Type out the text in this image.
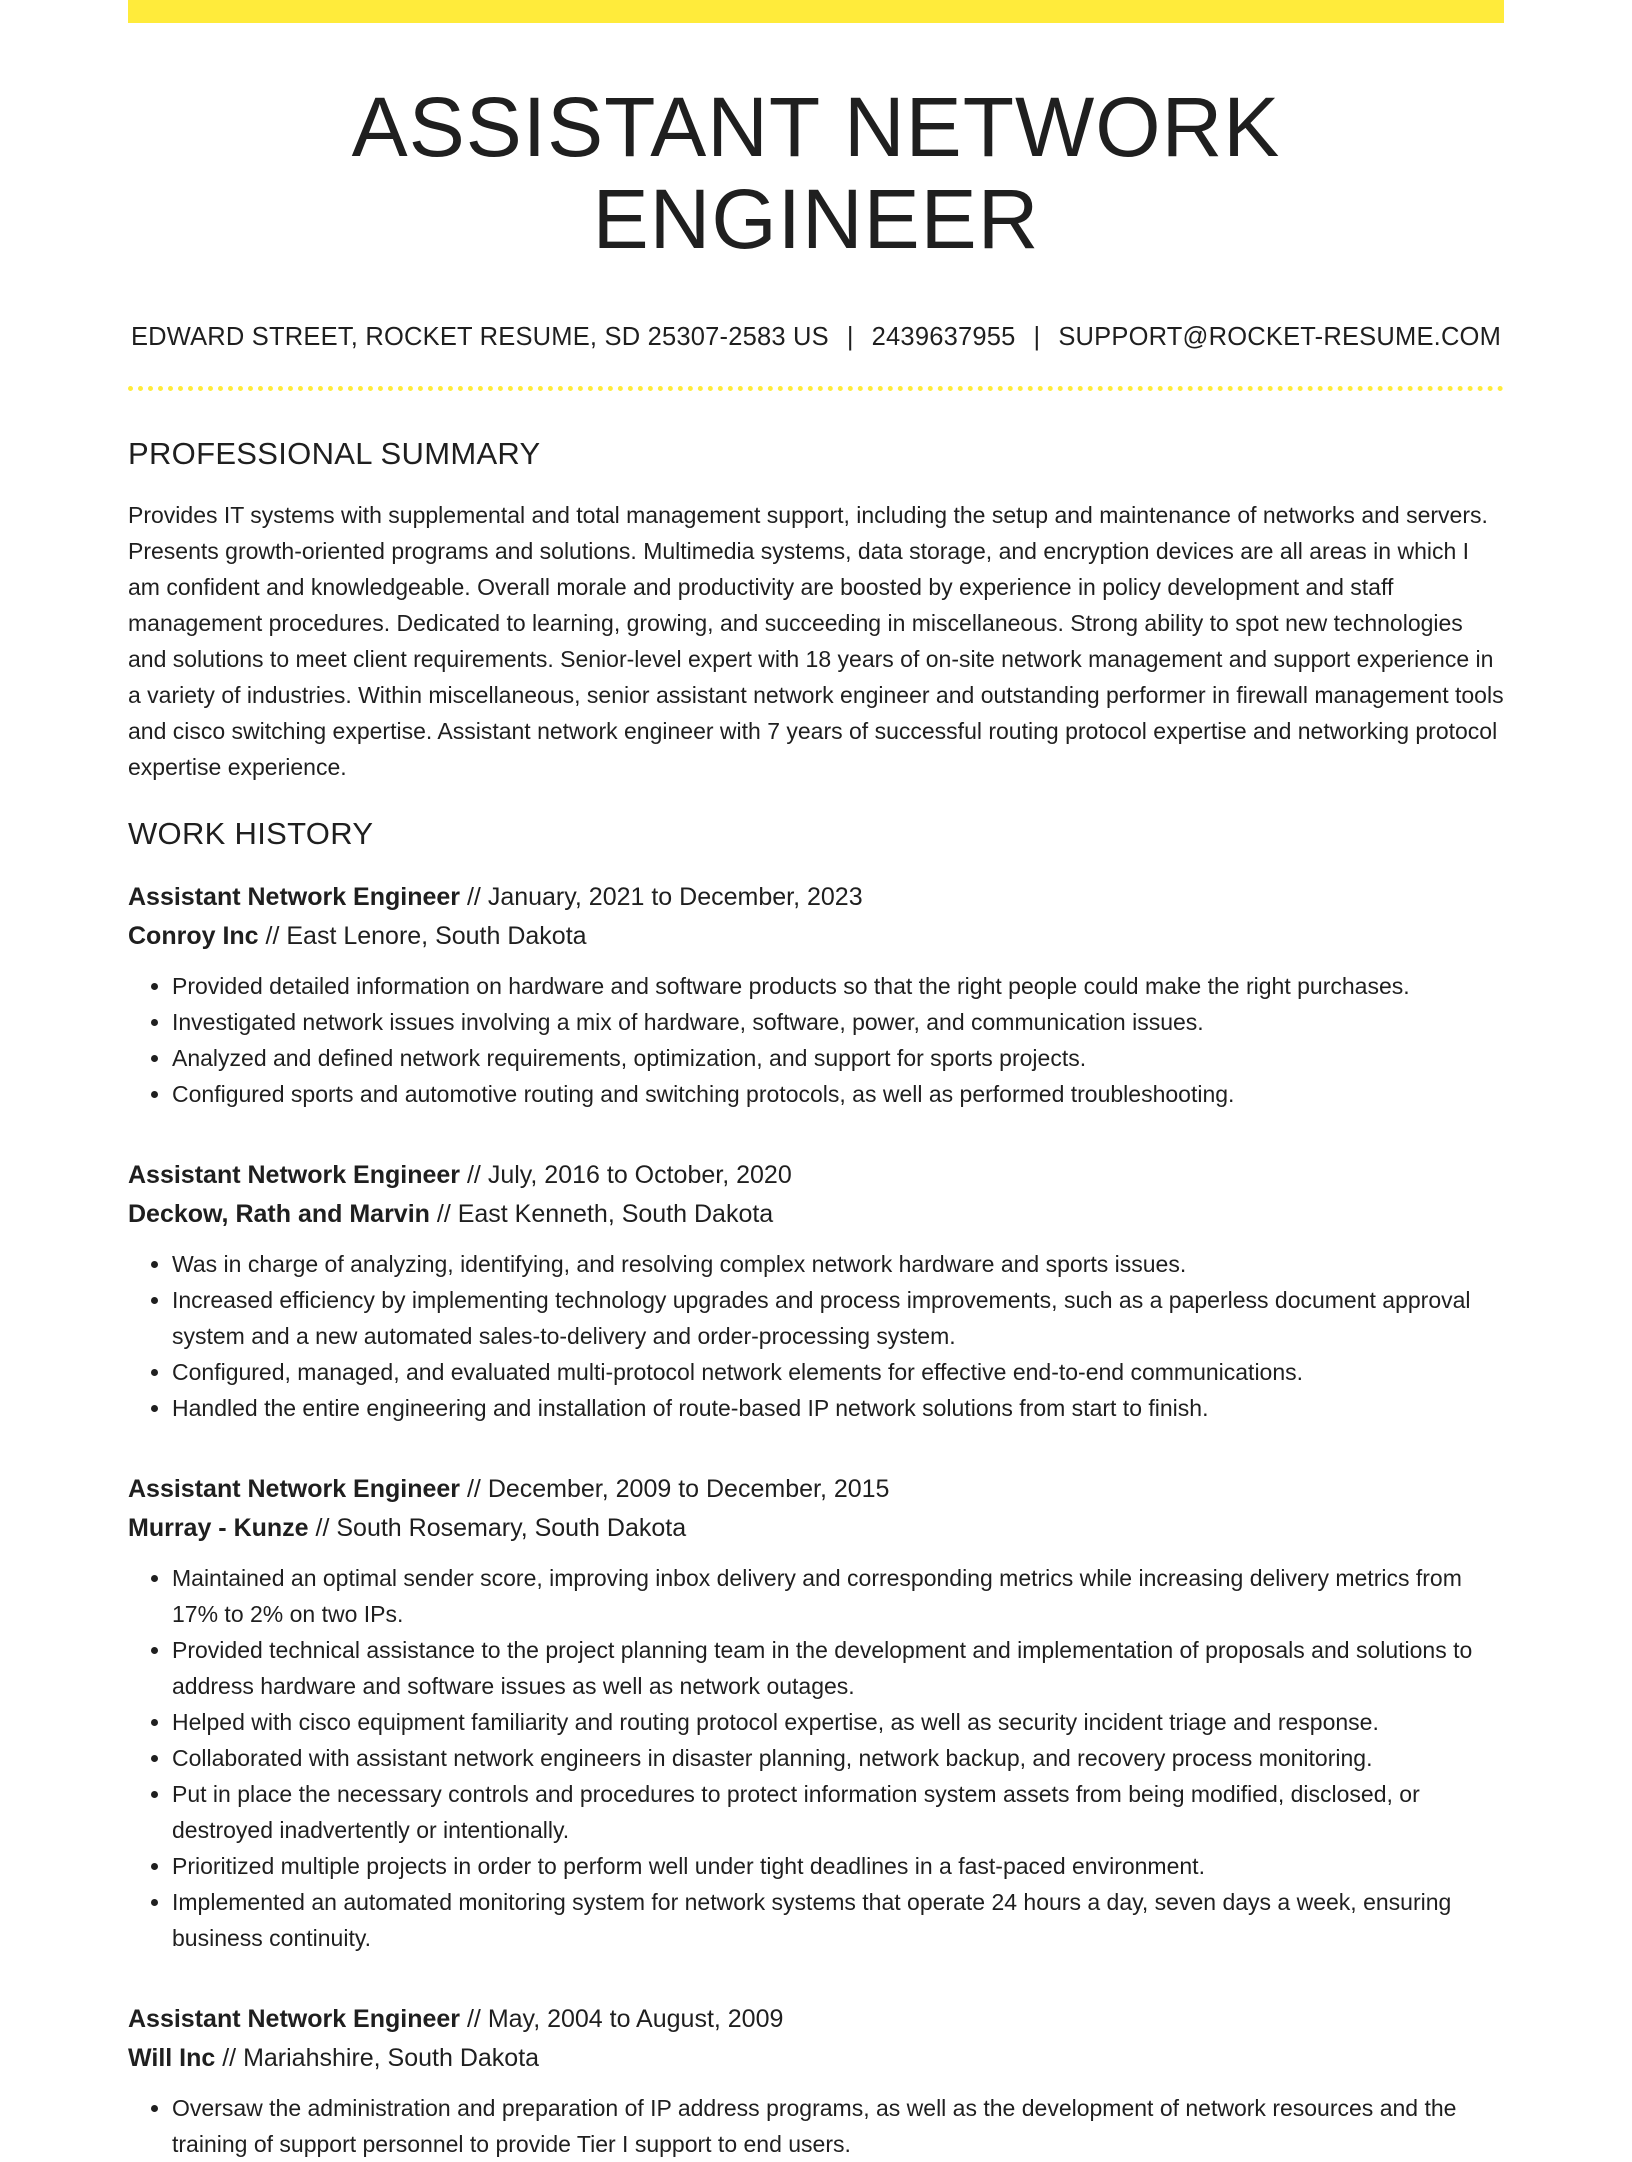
ASSISTANT NETWORK ENGINEER
EDWARD STREET, ROCKET RESUME, SD 25307-2583 US | 2439637955 | SUPPORT@ROCKET-RESUME.COM
PROFESSIONAL SUMMARY

Provides IT systems with supplemental and total management support, including the setup and maintenance of networks and servers. Presents growth-oriented programs and solutions. Multimedia systems, data storage, and encryption devices are all areas in which I am confident and knowledgeable. Overall morale and productivity are boosted by experience in policy development and staff management procedures. Dedicated to learning, growing, and succeeding in miscellaneous. Strong ability to spot new technologies and solutions to meet client requirements. Senior-level expert with 18 years of on-site network management and support experience in a variety of industries. Within miscellaneous, senior assistant network engineer and outstanding performer in firewall management tools and cisco switching expertise. Assistant network engineer with 7 years of successful routing protocol expertise and networking protocol expertise experience.

WORK HISTORY
Assistant Network Engineer // January, 2021 to December, 2023
Conroy Inc // East Lenore, South Dakota
• Provided detailed information on hardware and software products so that the right people could make the right purchases.
• Investigated network issues involving a mix of hardware, software, power, and communication issues.
• Analyzed and defined network requirements, optimization, and support for sports projects.
• Configured sports and automotive routing and switching protocols, as well as performed troubleshooting.
Assistant Network Engineer // July, 2016 to October, 2020
Deckow, Rath and Marvin // East Kenneth, South Dakota
• Was in charge of analyzing, identifying, and resolving complex network hardware and sports issues.
• Increased efficiency by implementing technology upgrades and process improvements, such as a paperless document approval system and a new automated sales-to-delivery and order-processing system.
• Configured, managed, and evaluated multi-protocol network elements for effective end-to-end communications.
• Handled the entire engineering and installation of route-based IP network solutions from start to finish.
Assistant Network Engineer // December, 2009 to December, 2015
Murray - Kunze // South Rosemary, South Dakota
• Maintained an optimal sender score, improving inbox delivery and corresponding metrics while increasing delivery metrics from 17% to 2% on two IPs.
• Provided technical assistance to the project planning team in the development and implementation of proposals and solutions to address hardware and software issues as well as network outages.
• Helped with cisco equipment familiarity and routing protocol expertise, as well as security incident triage and response.
• Collaborated with assistant network engineers in disaster planning, network backup, and recovery process monitoring.
• Put in place the necessary controls and procedures to protect information system assets from being modified, disclosed, or destroyed inadvertently or intentionally.
• Prioritized multiple projects in order to perform well under tight deadlines in a fast-paced environment.
• Implemented an automated monitoring system for network systems that operate 24 hours a day, seven days a week, ensuring business continuity.
Assistant Network Engineer // May, 2004 to August, 2009
Will Inc // Mariahshire, South Dakota
• Oversaw the administration and preparation of IP address programs, as well as the development of network resources and the training of support personnel to provide Tier I support to end users.
